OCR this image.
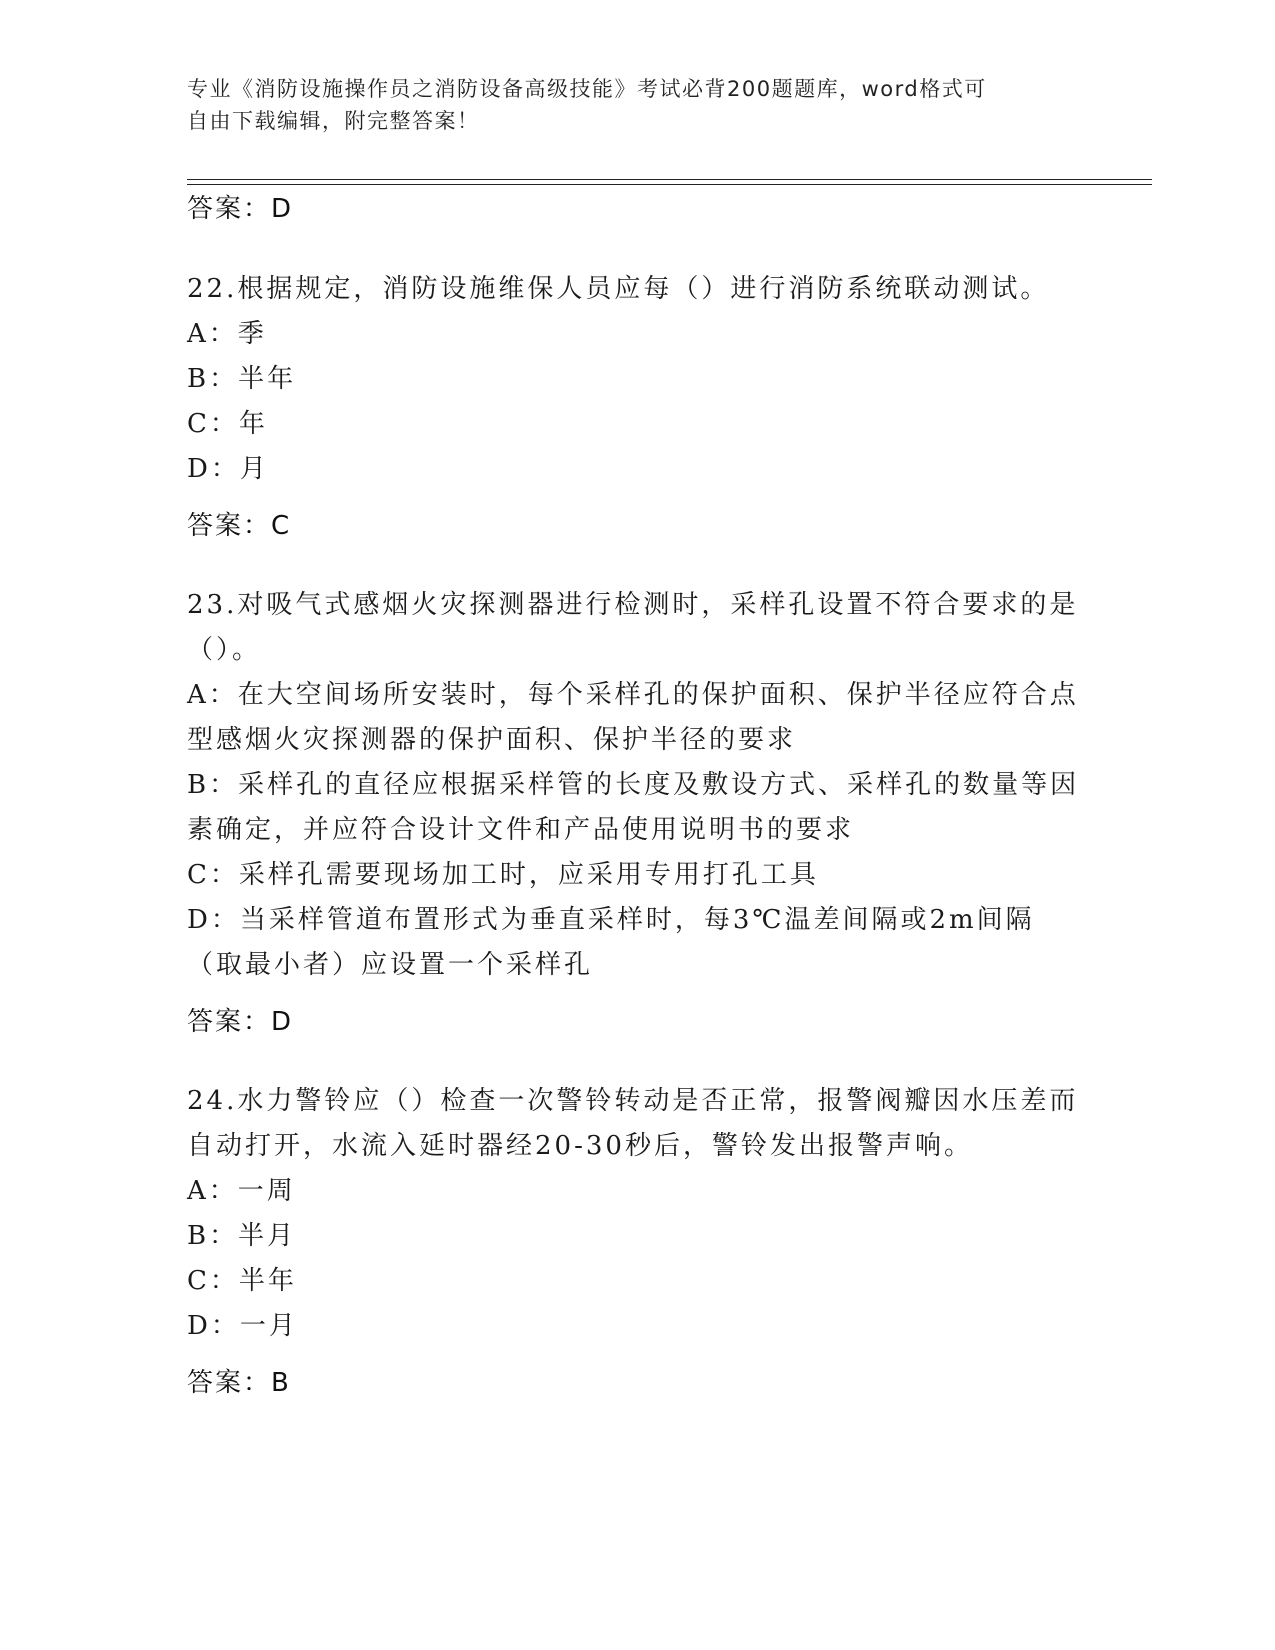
专业《消防设施操作员之消防设备高级技能》考试必背200题题库，word格式可
自由下载编辑，附完整答案！
答案：D
22.根据规定，消防设施维保人员应每（）进行消防系统联动测试。
A：季
B：半年
C：年
D：月
答案：C
23.对吸气式感烟火灾探测器进行检测时，采样孔设置不符合要求的是（）。
A：在大空间场所安装时，每个采样孔的保护面积、保护半径应符合点型感烟火灾探测器的保护面积、保护半径的要求
B：采样孔的直径应根据采样管的长度及敷设方式、采样孔的数量等因素确定，并应符合设计文件和产品使用说明书的要求
C：采样孔需要现场加工时，应采用专用打孔工具
D：当采样管道布置形式为垂直采样时，每3℃温差间隔或2m间隔（取最小者）应设置一个采样孔
答案：D
24.水力警铃应（）检查一次警铃转动是否正常，报警阀瓣因水压差而自动打开，水流入延时器经20-30秒后，警铃发出报警声响。
A：一周
B：半月
C：半年
D：一月
答案：B
